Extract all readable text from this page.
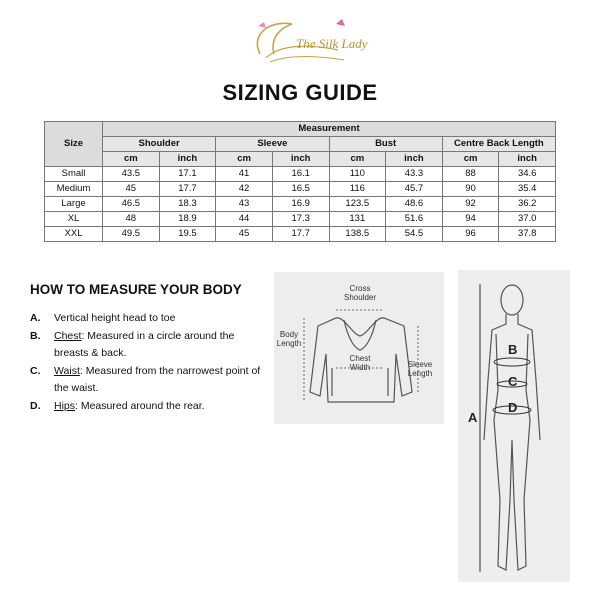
The Silk Lady
SIZING GUIDE
Size	Measurement							
	Shoulder		Sleeve		Bust		Centre Back Length	
	cm	inch	cm	inch	cm	inch	cm	inch
Small	43.5	17.1	41	16.1	110	43.3	88	34.6
Medium	45	17.7	42	16.5	116	45.7	90	35.4
Large	46.5	18.3	43	16.9	123.5	48.6	92	36.2
XL	48	18.9	44	17.3	131	51.6	94	37.0
XXL	49.5	19.5	45	17.7	138.5	54.5	96	37.8
HOW TO MEASURE YOUR BODY
A.	Vertical height head to toe
B.	Chest: Measured in a circle around the breasts & back.
C.	Waist: Measured from the narrowest point of the waist.
D.	Hips: Measured around the rear.
Cross
Shoulder
Body
Length
Chest
Width	Sleeve
Length
A
B
C
D
